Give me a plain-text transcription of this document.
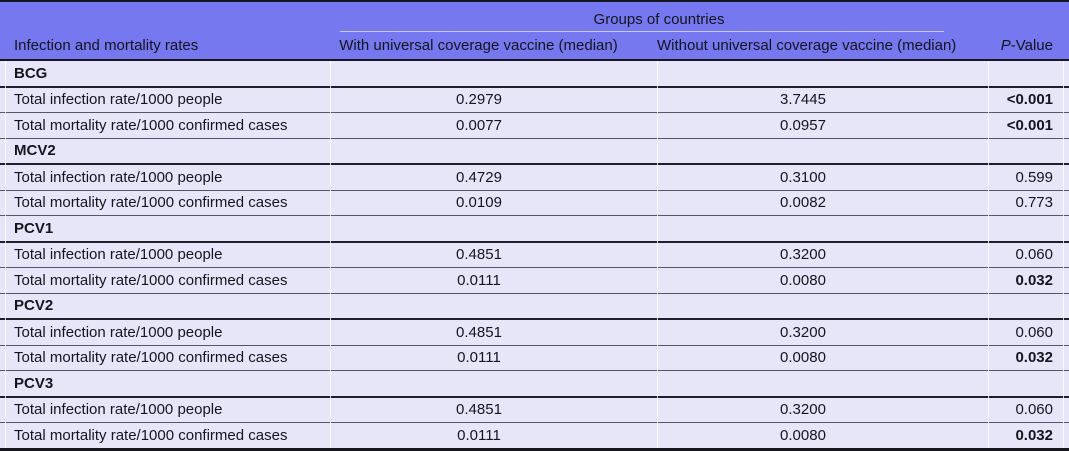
	Groups of countries		

Infection and mortality rates	With universal coverage vaccine (median)	Without universal coverage vaccine (median)	P-Value
BCG			
Total infection rate/1000 people	0.2979	3.7445	<0.001
Total mortality rate/1000 confirmed cases	0.0077	0.0957	<0.001
MCV2			
Total infection rate/1000 people	0.4729	0.3100	0.599
Total mortality rate/1000 confirmed cases	0.0109	0.0082	0.773
PCV1			
Total infection rate/1000 people	0.4851	0.3200	0.060
Total mortality rate/1000 confirmed cases	0.0111	0.0080	0.032
PCV2			
Total infection rate/1000 people	0.4851	0.3200	0.060
Total mortality rate/1000 confirmed cases	0.0111	0.0080	0.032
PCV3			
Total infection rate/1000 people	0.4851	0.3200	0.060
Total mortality rate/1000 confirmed cases	0.0111	0.0080	0.032
